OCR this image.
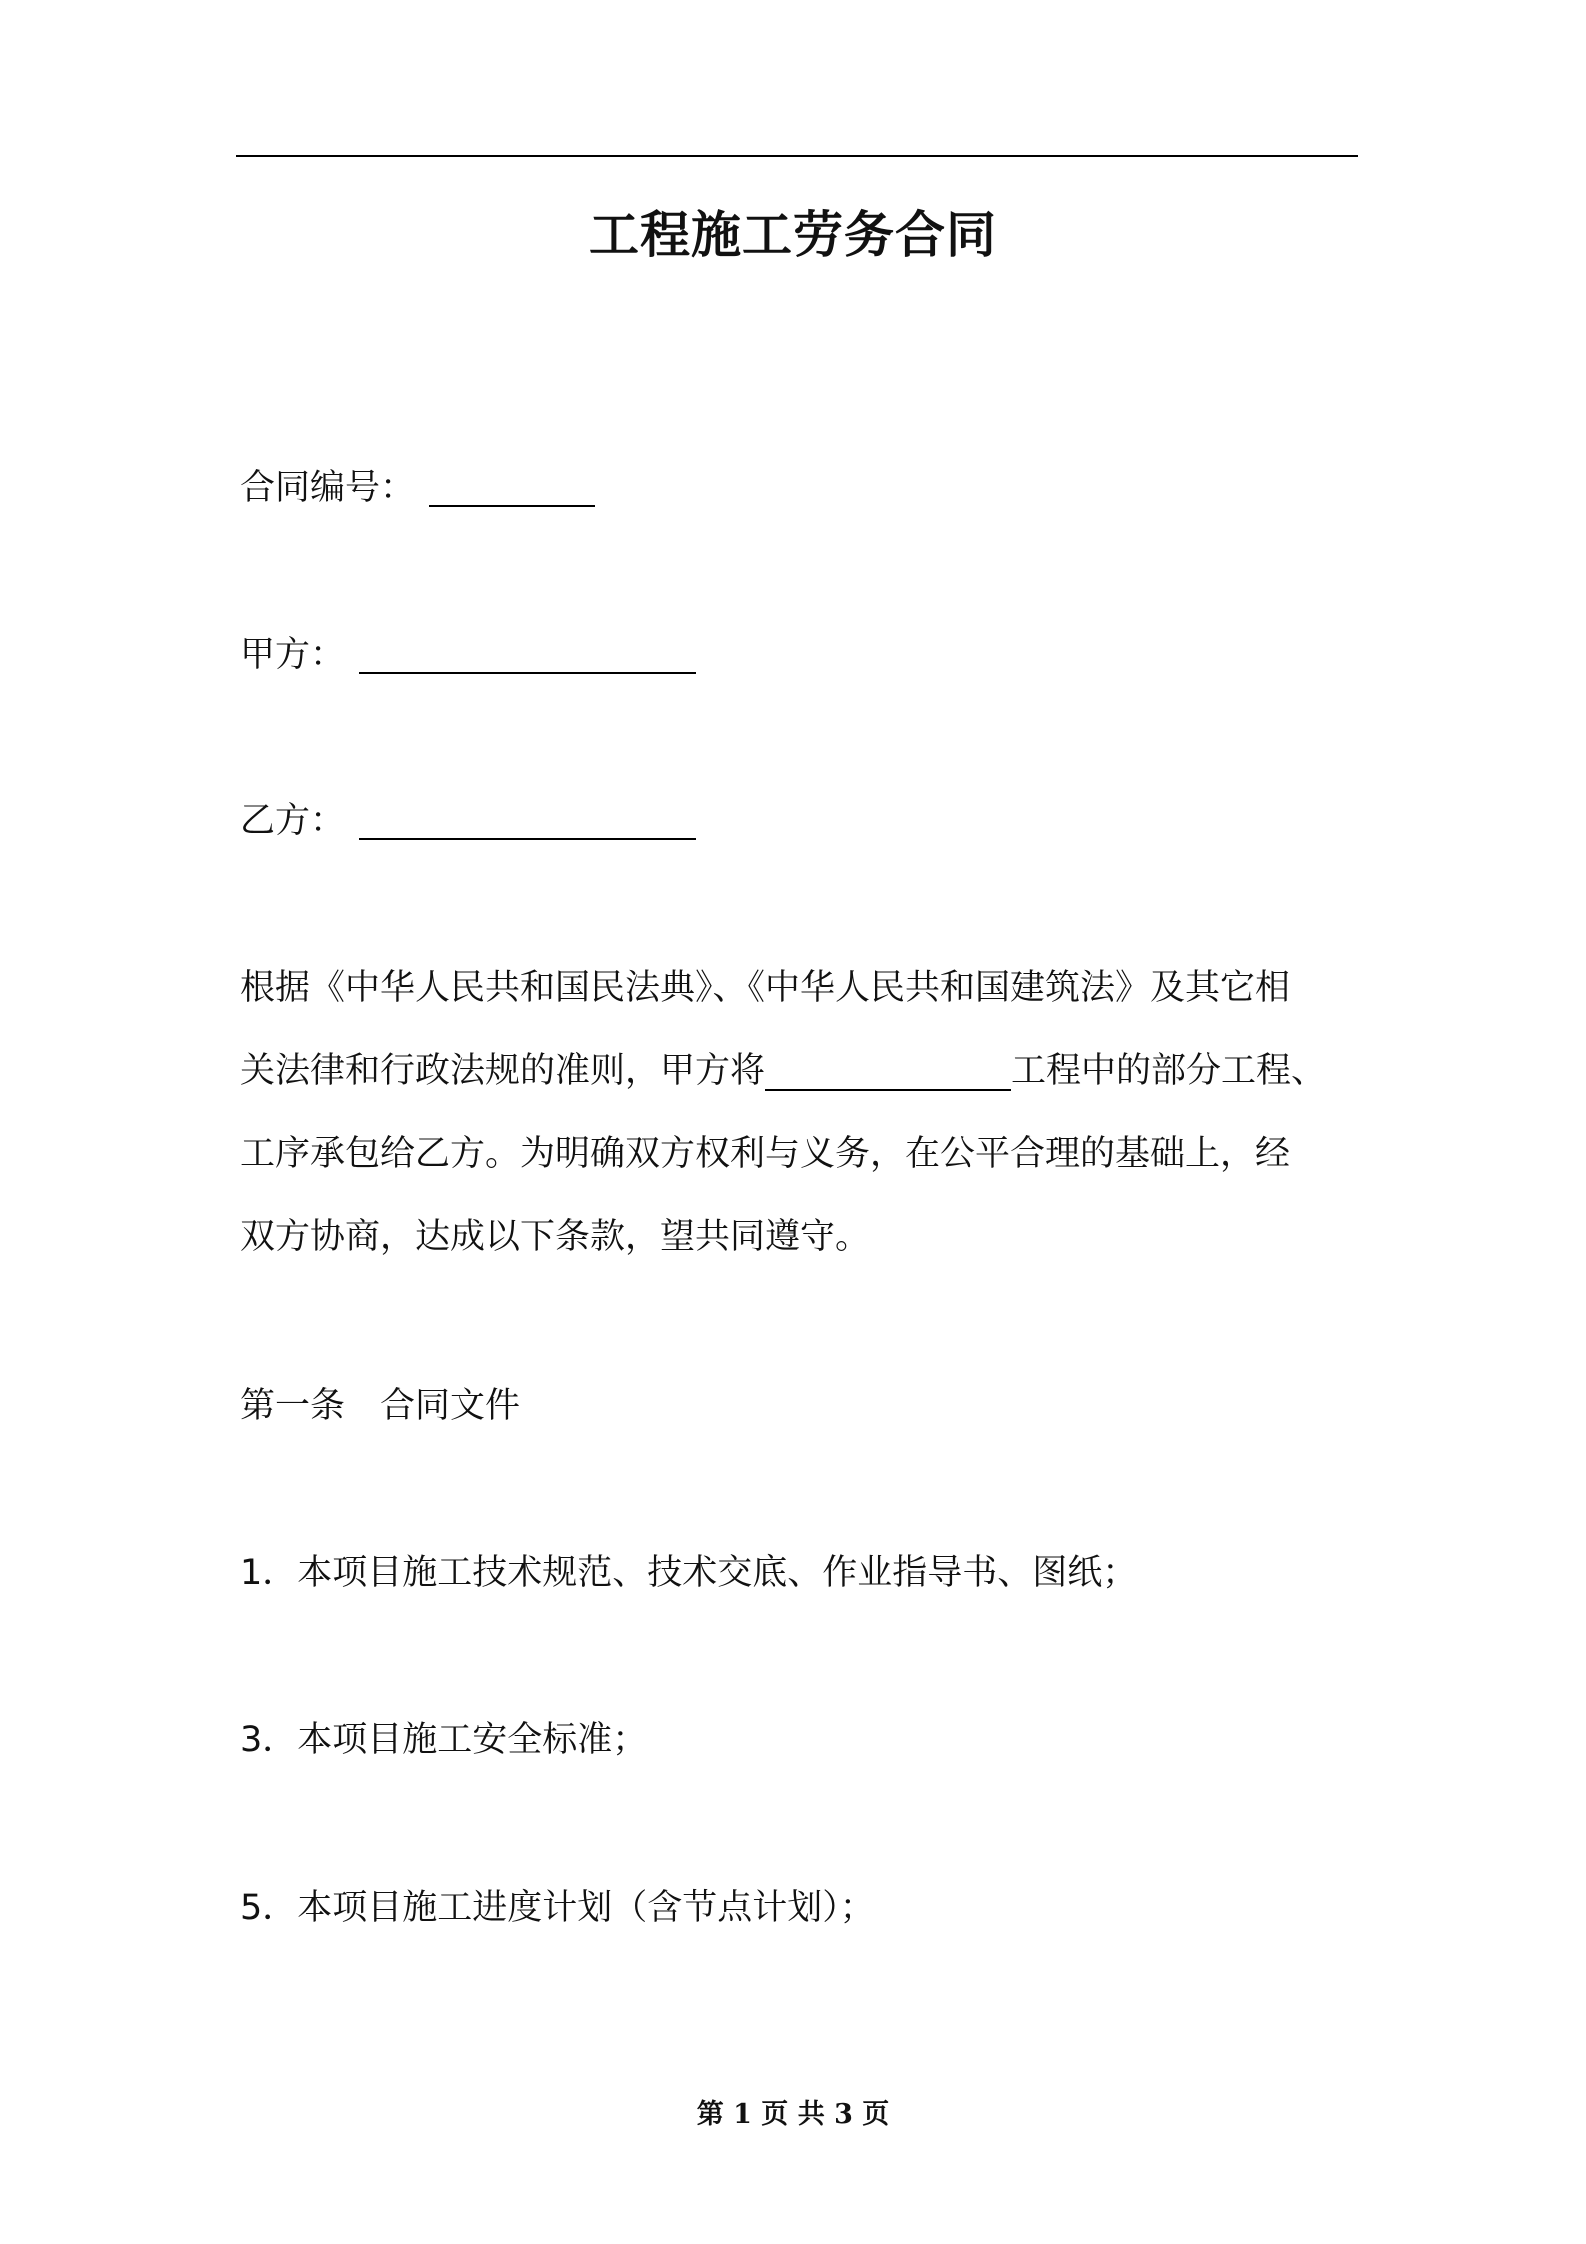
工程施工劳务合同
合同编号：
甲方：
乙方：
根据《中华人民共和国民法典》、《中华人民共和国建筑法》及其它相
关法律和行政法规的准则，甲方将	工程中的部分工程、
工序承包给乙方。为明确双方权利与义务，在公平合理的基础上，经
双方协商，达成以下条款，望共同遵守。
第一条　合同文件
1．本项目施工技术规范、技术交底、作业指导书、图纸；
3．本项目施工安全标准；
5．本项目施工进度计划（含节点计划）；
第 1 页 共 3 页
